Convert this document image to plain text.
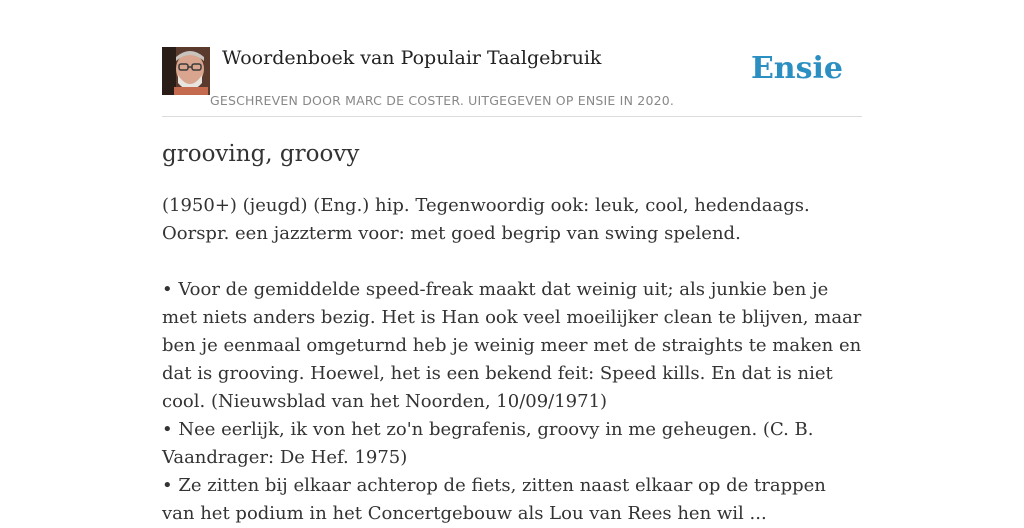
Woordenboek van Populair Taalgebruik
GESCHREVEN DOOR MARC DE COSTER. UITGEGEVEN OP ENSIE IN 2020.
Ensie
grooving, groovy

(1950+) (jeugd) (Eng.) hip. Tegenwoordig ook: leuk, cool, hedendaags. Oorspr. een jazzterm voor: met goed begrip van swing spelend.

• Voor de gemiddelde speed-freak maakt dat weinig uit; als junkie ben je met niets anders bezig. Het is Han ook veel moeilijker clean te blijven, maar ben je eenmaal omgeturnd heb je weinig meer met de straights te maken en dat is grooving. Hoewel, het is een bekend feit: Speed kills. En dat is niet cool. (Nieuwsblad van het Noorden, 10/09/1971)

• Nee eerlijk, ik von het zo'n begrafenis, groovy in me geheugen. (C. B. Vaandrager: De Hef. 1975)

• Ze zitten bij elkaar achterop de fiets, zitten naast elkaar op de trappen van het podium in het Concertgebouw als Lou van Rees hen wil ...
